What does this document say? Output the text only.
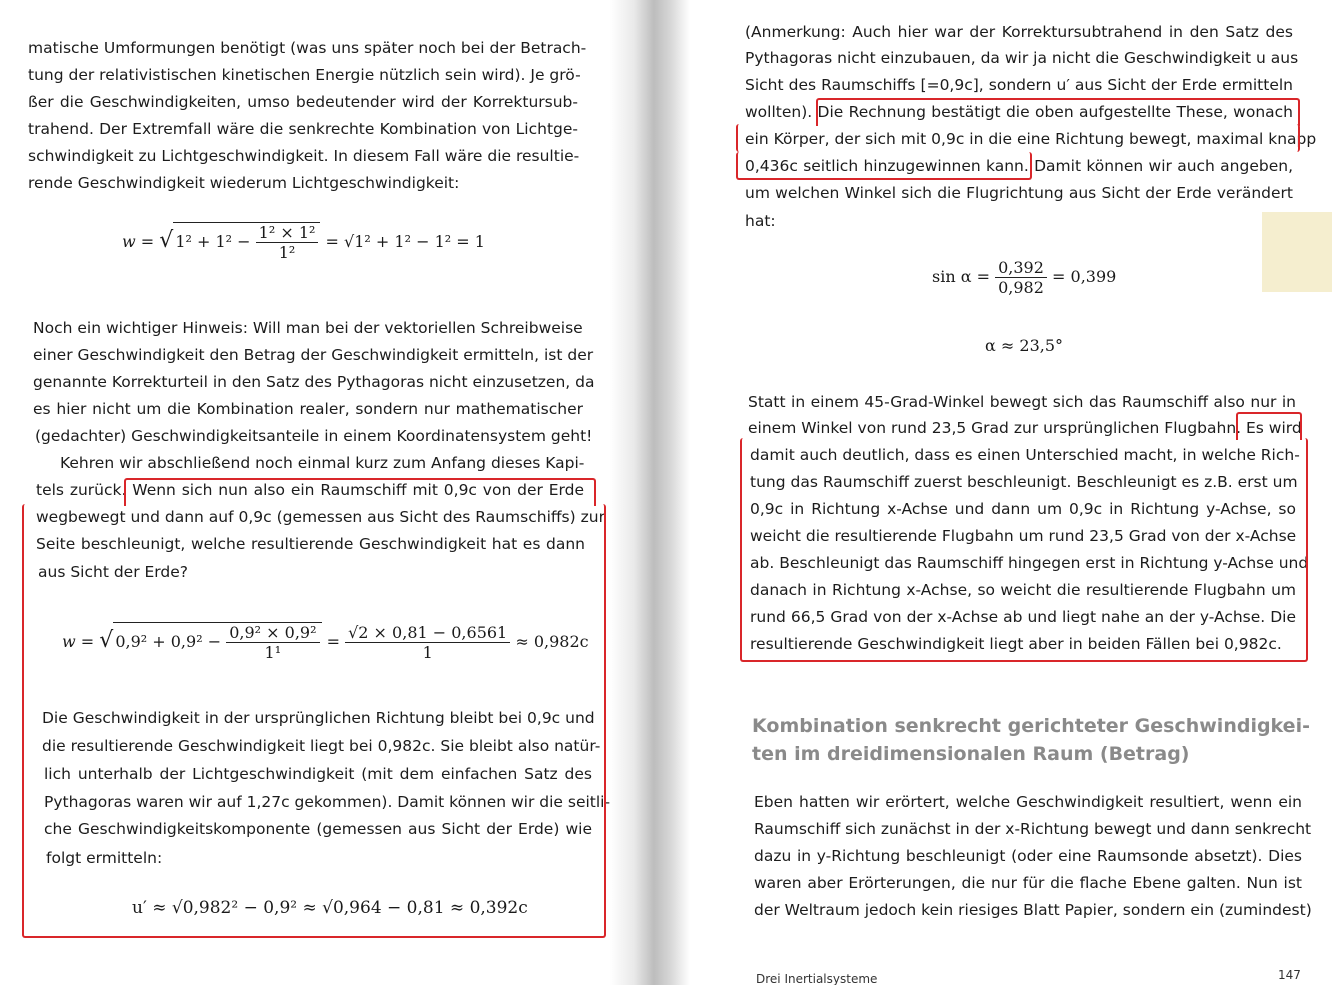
matische Umformungen benötigt (was uns später noch bei der Betrach-
tung der relativistischen kinetischen Energie nützlich sein wird). Je grö-
ßer die Geschwindigkeiten, umso bedeutender wird der Korrektursub-
trahend. Der Extremfall wäre die senkrechte Kombination von Lichtge-
schwindigkeit zu Lichtgeschwindigkeit. In diesem Fall wäre die resultie-
rende Geschwindigkeit wiederum Lichtgeschwindigkeit:
w = √ $1^2 + 1^2 - \frac{\text{1² × 1²}}{\text{1²}} = √1^2 + 1^2 - 1^2 = 1$
Noch ein wichtiger Hinweis: Will man bei der vektoriellen Schreibweise
einer Geschwindigkeit den Betrag der Geschwindigkeit ermitteln, ist der
genannte Korrekturteil in den Satz des Pythagoras nicht einzusetzen, da
es hier nicht um die Kombination realer, sondern nur mathematischer
(gedachter) Geschwindigkeitsanteile in einem Koordinatensystem geht!
Kehren wir abschließend noch einmal kurz zum Anfang dieses Kapi-
tels zurück. Wenn sich nun also ein Raumschiff mit 0,9c von der Erde
wegbewegt und dann auf 0,9c (gemessen aus Sicht des Raumschiffs) zur
Seite beschleunigt, welche resultierende Geschwindigkeit hat es dann
aus Sicht der Erde?
w = √ $0,9^2 + 0,9^2 - \frac{\text{0,9² × 0,9²}}{\text{1¹}} = \frac{√2 \times 0,81 - 0,6561}{1} \approx 0,982c$
Die Geschwindigkeit in der ursprünglichen Richtung bleibt bei 0,9c und
die resultierende Geschwindigkeit liegt bei 0,982c. Sie bleibt also natür-
lich unterhalb der Lichtgeschwindigkeit (mit dem einfachen Satz des
Pythagoras waren wir auf 1,27c gekommen). Damit können wir die seitli-
che Geschwindigkeitskomponente (gemessen aus Sicht der Erde) wie
folgt ermitteln:
u′ ≈ √0,982² − 0,9² ≈ √0,964 − 0,81 ≈ 0,392c
(Anmerkung: Auch hier war der Korrektursubtrahend in den Satz des
Pythagoras nicht einzubauen, da wir ja nicht die Geschwindigkeit u aus
Sicht des Raumschiffs [=0,9c], sondern u′ aus Sicht der Erde ermitteln
wollten). Die Rechnung bestätigt die oben aufgestellte These, wonach
ein Körper, der sich mit 0,9c in die eine Richtung bewegt, maximal knapp
0,436c seitlich hinzugewinnen kann. Damit können wir auch angeben,
um welchen Winkel sich die Flugrichtung aus Sicht der Erde verändert
hat:
$\sin \alpha = \frac{0,392}{0,982} = 0,399$
α ≈ 23,5°
Statt in einem 45-Grad-Winkel bewegt sich das Raumschiff also nur in
einem Winkel von rund 23,5 Grad zur ursprünglichen Flugbahn. Es wird
damit auch deutlich, dass es einen Unterschied macht, in welche Rich-
tung das Raumschiff zuerst beschleunigt. Beschleunigt es z.B. erst um
0,9c in Richtung x-Achse und dann um 0,9c in Richtung y-Achse, so
weicht die resultierende Flugbahn um rund 23,5 Grad von der x-Achse
ab. Beschleunigt das Raumschiff hingegen erst in Richtung y-Achse und
danach in Richtung x-Achse, so weicht die resultierende Flugbahn um
rund 66,5 Grad von der x-Achse ab und liegt nahe an der y-Achse. Die
resultierende Geschwindigkeit liegt aber in beiden Fällen bei 0,982c.
Kombination senkrecht gerichteter Geschwindigkei-
ten im dreidimensionalen Raum (Betrag)
Eben hatten wir erörtert, welche Geschwindigkeit resultiert, wenn ein
Raumschiff sich zunächst in der x-Richtung bewegt und dann senkrecht
dazu in y-Richtung beschleunigt (oder eine Raumsonde absetzt). Dies
waren aber Erörterungen, die nur für die flache Ebene galten. Nun ist
der Weltraum jedoch kein riesiges Blatt Papier, sondern ein (zumindest)
Drei Inertialsysteme	147
